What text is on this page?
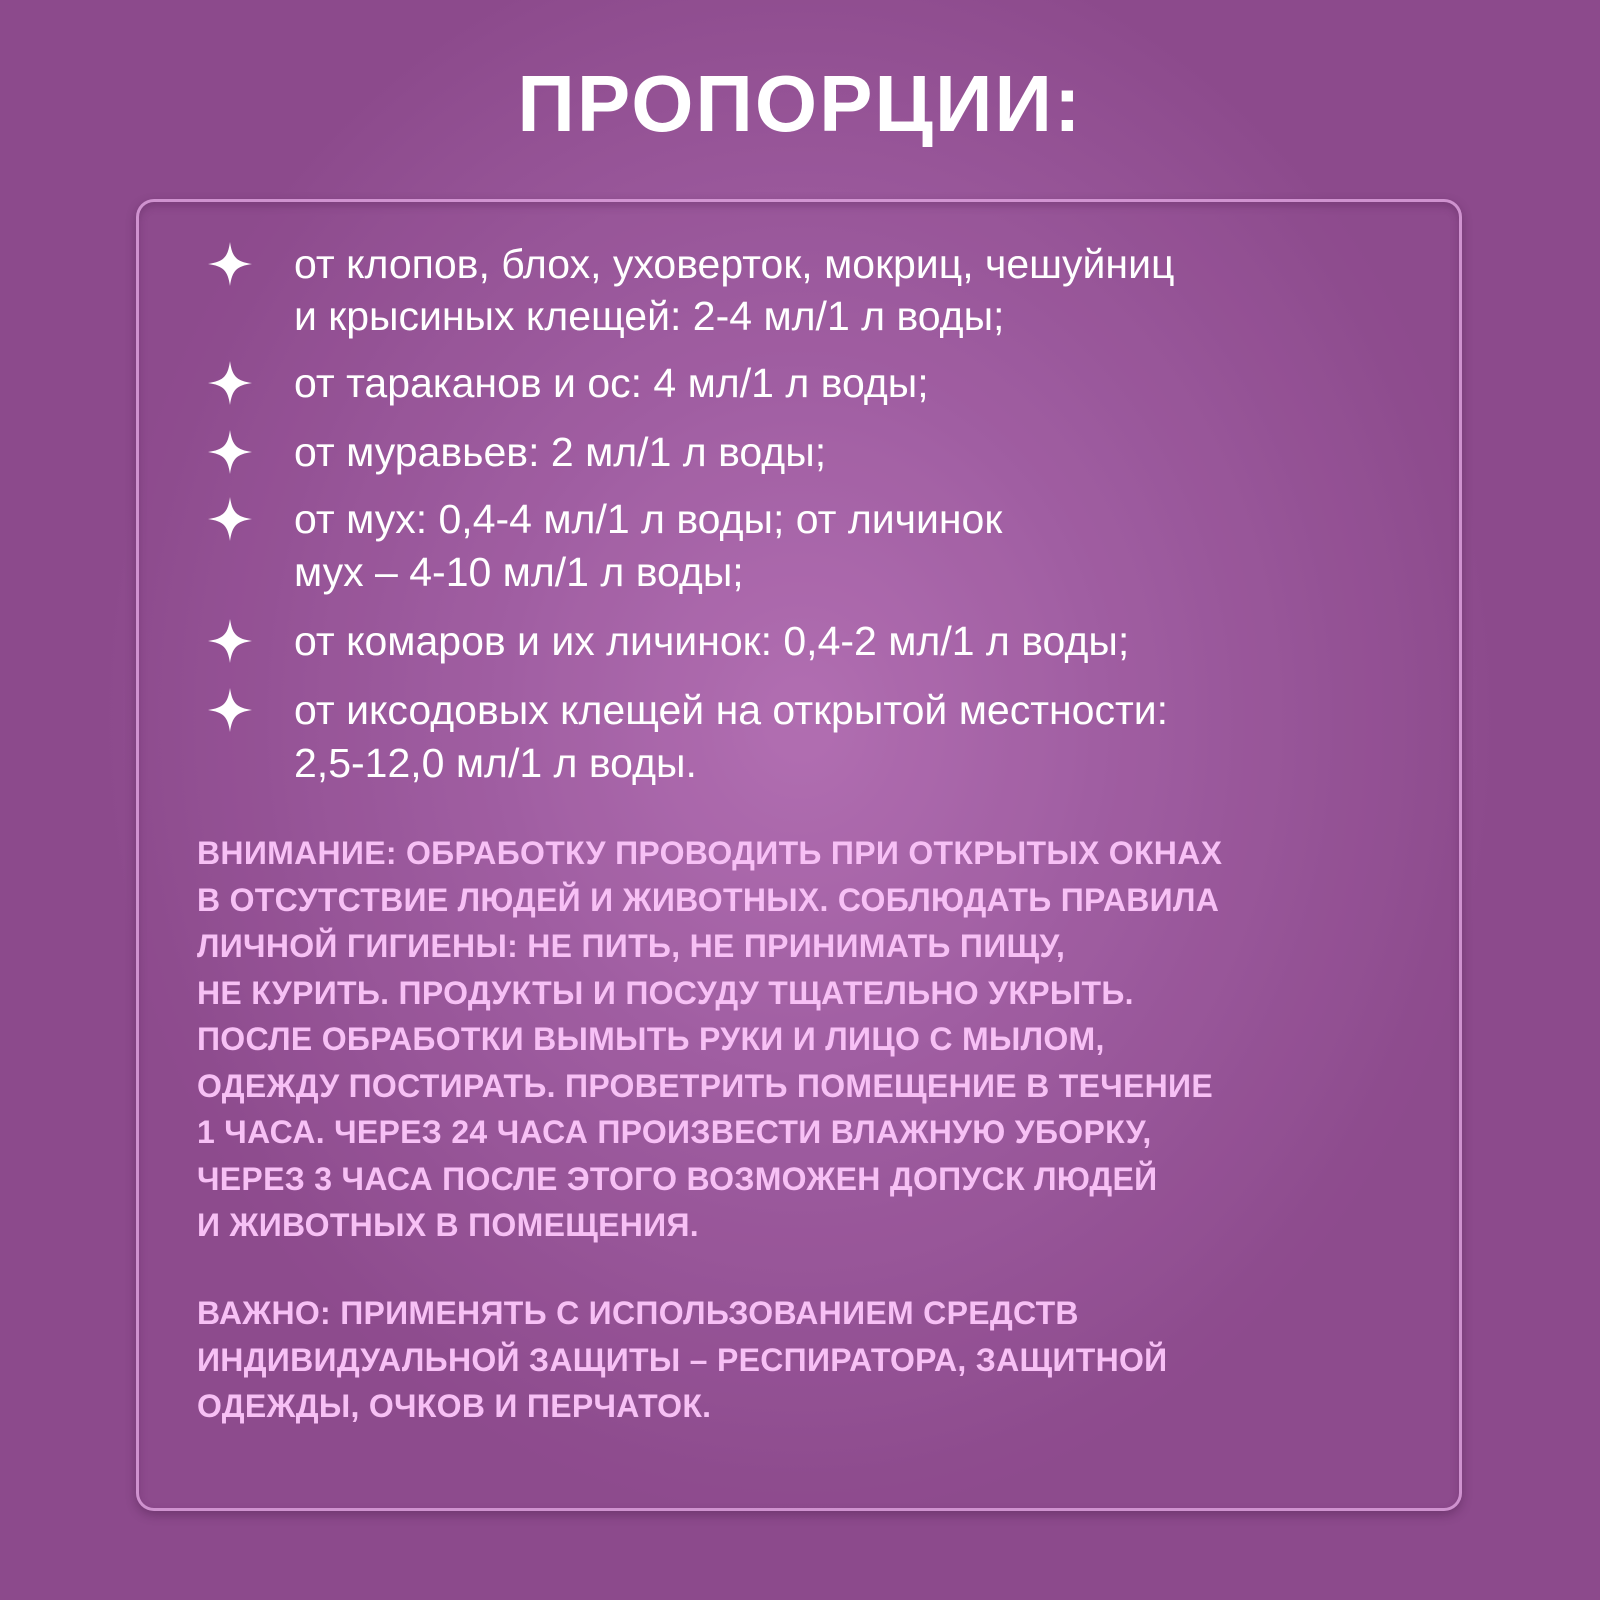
ПРОПОРЦИИ:
от клопов, блох, уховерток, мокриц, чешуйниц
и крысиных клещей: 2-4 мл/1 л воды;
от тараканов и ос: 4 мл/1 л воды;
от муравьев: 2 мл/1 л воды;
от мух: 0,4-4 мл/1 л воды; от личинок
мух – 4-10 мл/1 л воды;
от комаров и их личинок: 0,4-2 мл/1 л воды;
от иксодовых клещей на открытой местности:
2,5-12,0 мл/1 л воды.
ВНИМАНИЕ: ОБРАБОТКУ ПРОВОДИТЬ ПРИ ОТКРЫТЫХ ОКНАХ
В ОТСУТСТВИЕ ЛЮДЕЙ И ЖИВОТНЫХ. СОБЛЮДАТЬ ПРАВИЛА
ЛИЧНОЙ ГИГИЕНЫ: НЕ ПИТЬ, НЕ ПРИНИМАТЬ ПИЩУ,
НЕ КУРИТЬ. ПРОДУКТЫ И ПОСУДУ ТЩАТЕЛЬНО УКРЫТЬ.
ПОСЛЕ ОБРАБОТКИ ВЫМЫТЬ РУКИ И ЛИЦО С МЫЛОМ,
ОДЕЖДУ ПОСТИРАТЬ. ПРОВЕТРИТЬ ПОМЕЩЕНИЕ В ТЕЧЕНИЕ
1 ЧАСА. ЧЕРЕЗ 24 ЧАСА ПРОИЗВЕСТИ ВЛАЖНУЮ УБОРКУ,
ЧЕРЕЗ 3 ЧАСА ПОСЛЕ ЭТОГО ВОЗМОЖЕН ДОПУСК ЛЮДЕЙ
И ЖИВОТНЫХ В ПОМЕЩЕНИЯ.
ВАЖНО: ПРИМЕНЯТЬ С ИСПОЛЬЗОВАНИЕМ СРЕДСТВ
ИНДИВИДУАЛЬНОЙ ЗАЩИТЫ – РЕСПИРАТОРА, ЗАЩИТНОЙ
ОДЕЖДЫ, ОЧКОВ И ПЕРЧАТОК.
